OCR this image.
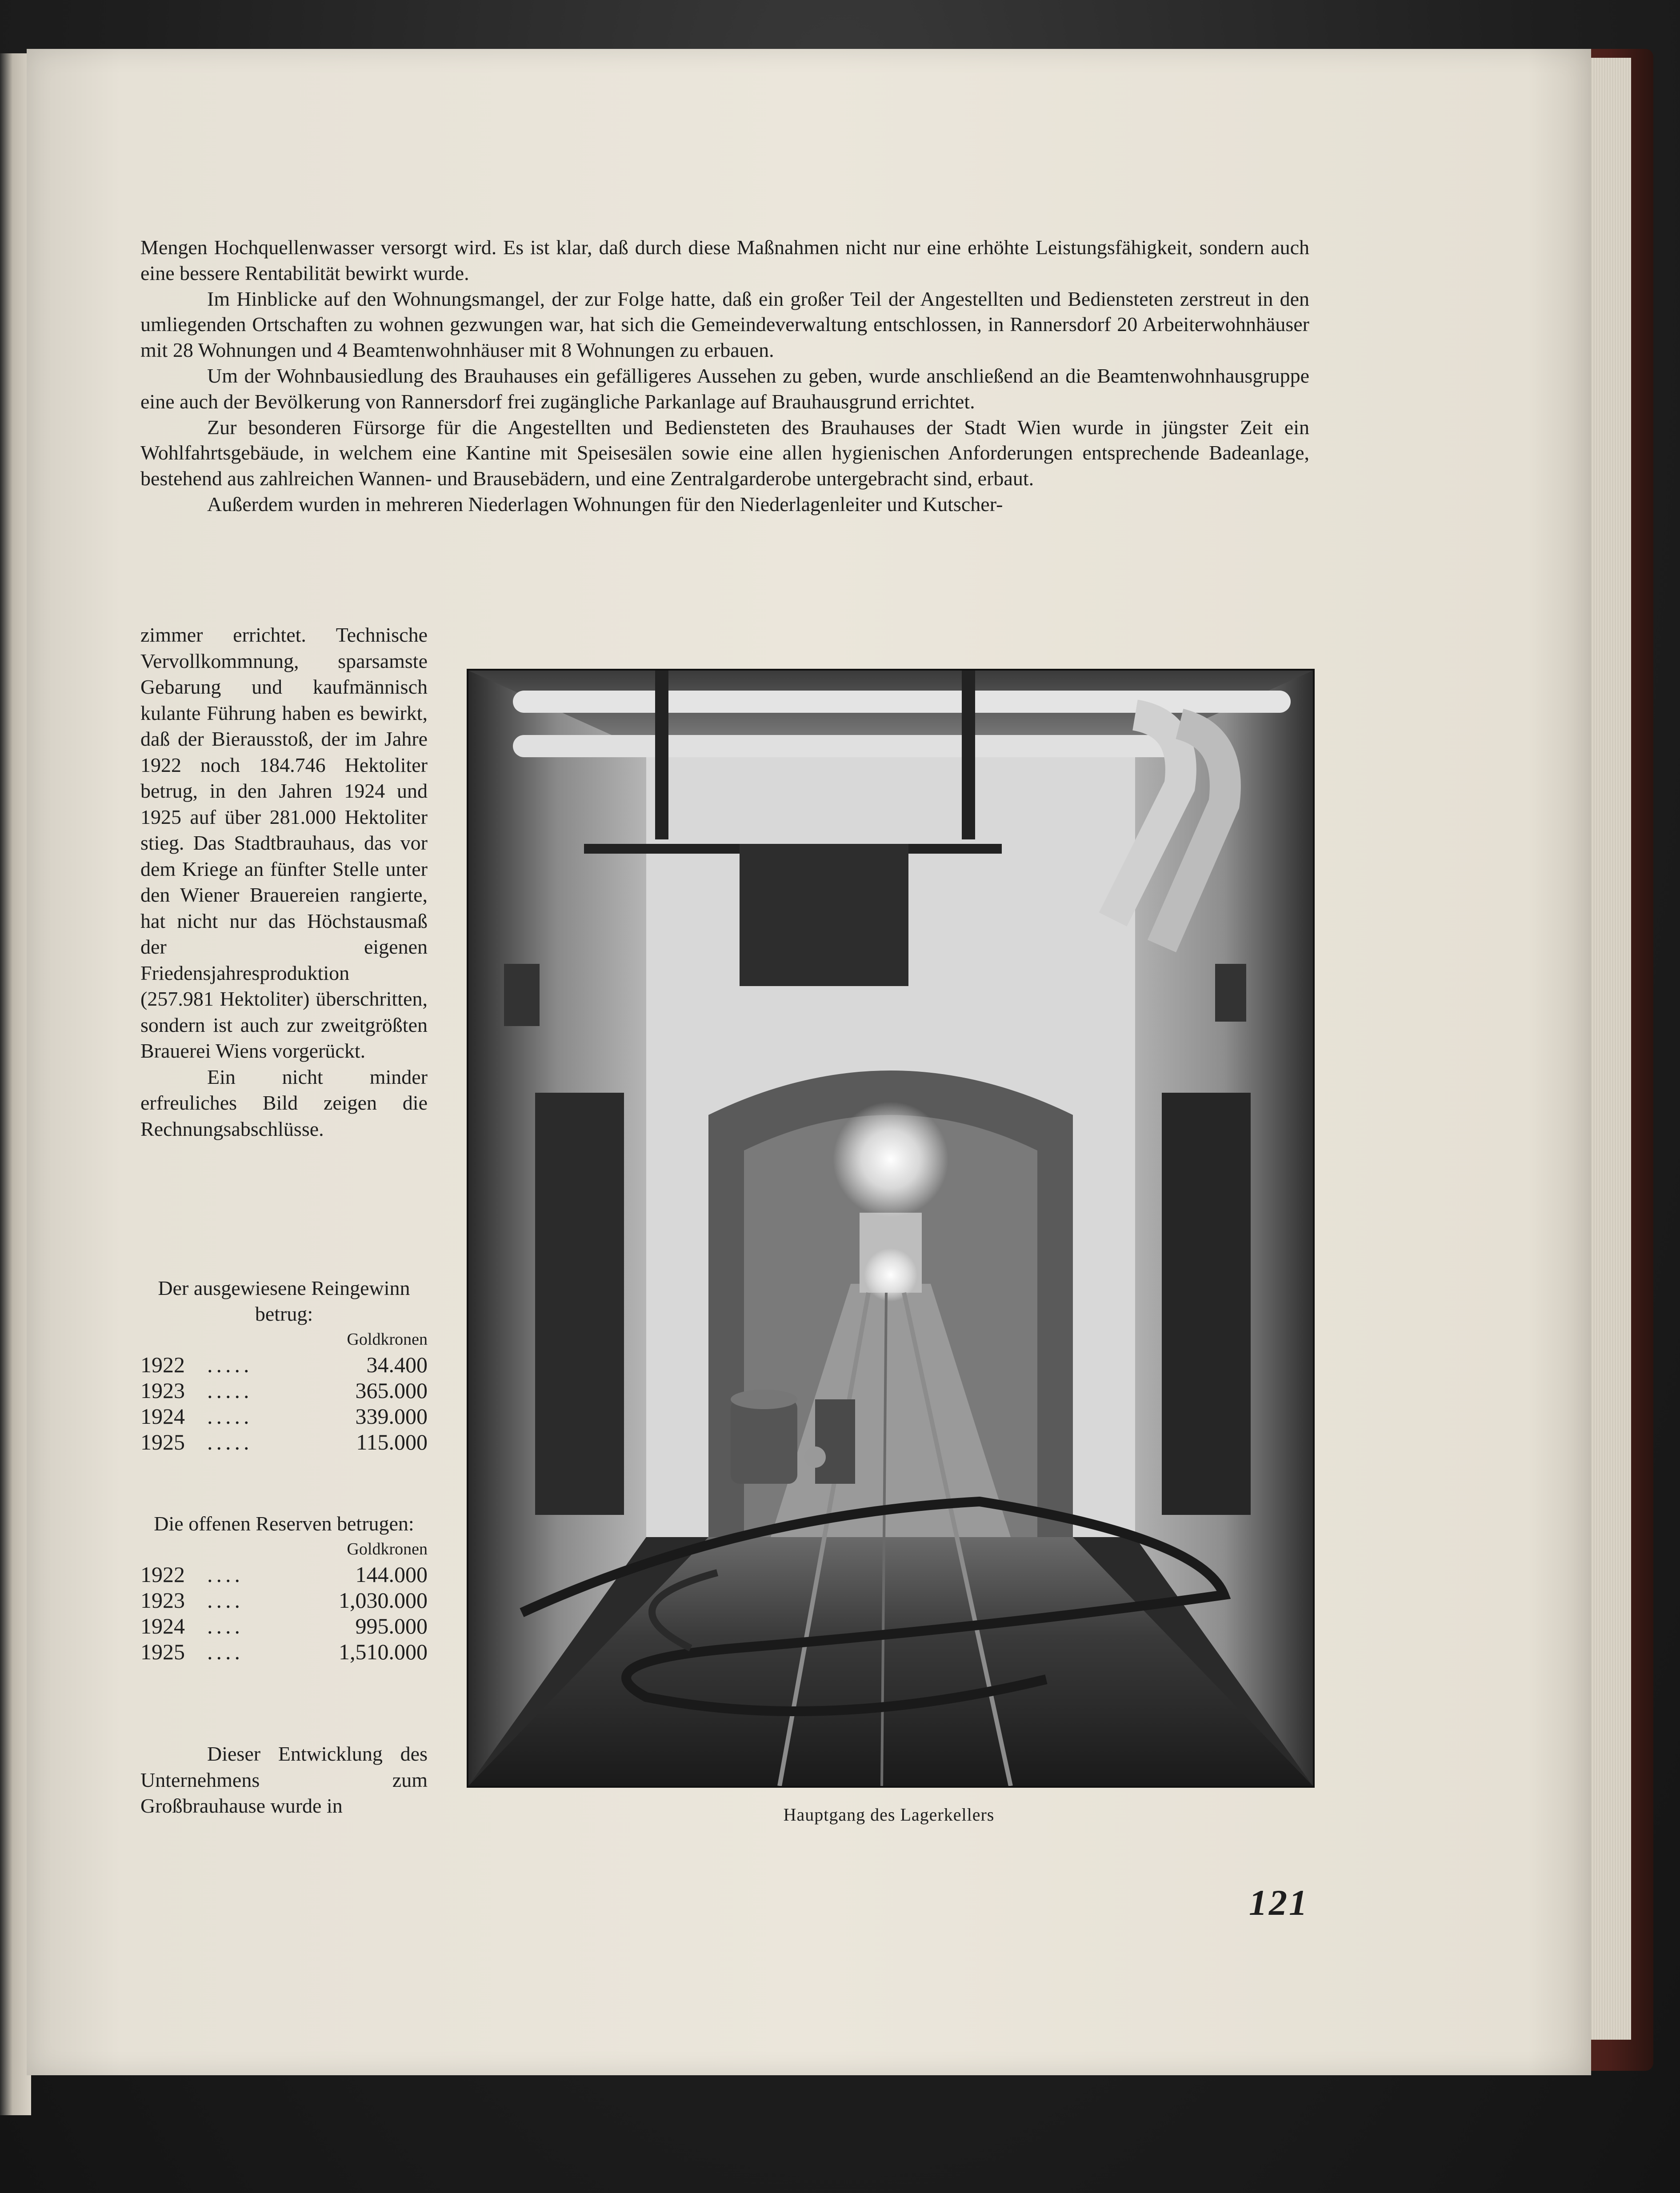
Mengen Hochquellenwasser versorgt wird. Es ist klar, daß durch diese Maßnahmen nicht nur eine erhöhte Leistungsfähigkeit, sondern auch eine bessere Rentabilität bewirkt wurde.

Im Hinblicke auf den Wohnungsmangel, der zur Folge hatte, daß ein großer Teil der Angestellten und Bediensteten zerstreut in den umliegenden Ortschaften zu wohnen gezwungen war, hat sich die Gemeindeverwaltung entschlossen, in Rannersdorf 20 Arbeiterwohnhäuser mit 28 Wohnungen und 4 Beamtenwohnhäuser mit 8 Wohnungen zu erbauen.

Um der Wohnbausiedlung des Brauhauses ein gefälligeres Aussehen zu geben, wurde anschließend an die Beamtenwohnhausgruppe eine auch der Bevölkerung von Rannersdorf frei zugängliche Parkanlage auf Brauhausgrund errichtet.

Zur besonderen Fürsorge für die Angestellten und Bediensteten des Brauhauses der Stadt Wien wurde in jüngster Zeit ein Wohlfahrtsgebäude, in welchem eine Kantine mit Speisesälen sowie eine allen hygienischen Anforderungen entsprechende Badeanlage, bestehend aus zahlreichen Wannen- und Brausebädern, und eine Zentralgarderobe untergebracht sind, erbaut.

Außerdem wurden in mehreren Niederlagen Wohnungen für den Niederlagenleiter und Kutscher-

zimmer errichtet. Technische Vervollkommnung, sparsamste Gebarung und kaufmännisch kulante Führung haben es bewirkt, daß der Bierausstoß, der im Jahre 1922 noch 184.746 Hektoliter betrug, in den Jahren 1924 und 1925 auf über 281.000 Hektoliter stieg. Das Stadtbrauhaus, das vor dem Kriege an fünfter Stelle unter den Wiener Brauereien rangierte, hat nicht nur das Höchstausmaß der eigenen Friedensjahresproduktion (257.981 Hektoliter) überschritten, sondern ist auch zur zweitgrößten Brauerei Wiens vorgerückt.

Ein nicht minder erfreuliches Bild zeigen die Rechnungsabschlüsse.

Der ausgewiesene Reingewinn betrug:

Goldkronen

1922	.....	34.400
1923	.....	365.000
1924	.....	339.000
1925	.....	115.000

Die offenen Reserven betrugen:

Goldkronen

1922	....	144.000
1923	....	1,030.000
1924	....	995.000
1925	....	1,510.000

Dieser Entwicklung des Unternehmens zum Großbrauhause wurde in	Hauptgang des Lagerkellers
121
